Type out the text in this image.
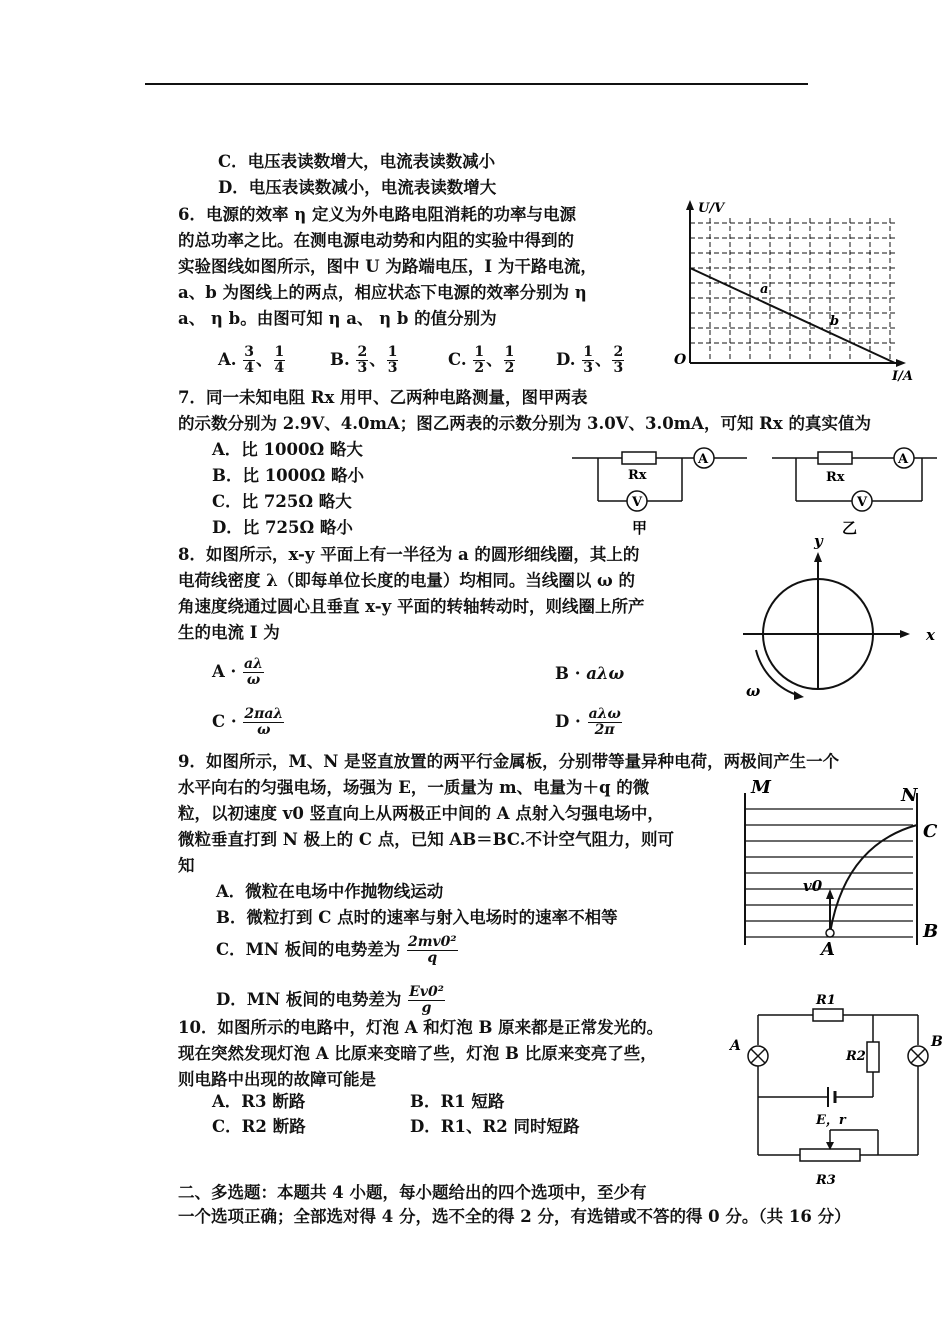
C．电压表读数增大，电流表读数减小
D．电压表读数减小，电流表读数增大
6．电源的效率 η 定义为外电路电阻消耗的功率与电源
的总功率之比。在测电源电动势和内阻的实验中得到的
实验图线如图所示，图中 U 为路端电压，I 为干路电流，
a、b 为图线上的两点，相应状态下电源的效率分别为 η
a、 η b。由图可知 η a、 η b 的值分别为
A. $\frac{3}{4}$ 、 $\frac{1}{4}$	B. $\frac{2}{3}$ 、 $\frac{1}{3}$	C. $\frac{1}{2}$ 、 $\frac{1}{2} D$. $\frac{1}{3}$ 、 $\frac{2}{3}$
U/V
I/A
O
a
b
7．同一未知电阻 Rx 用甲、乙两种电路测量，图甲两表
的示数分别为 2.9V、4.0mA；图乙两表的示数分别为 3.0V、3.0mA，可知 Rx 的真实值为
A．比 1000Ω 略大
B．比 1000Ω 略小
C．比 725Ω 略大
D．比 725Ω 略小
A
V
Rx
甲
A
V
Rx
乙
8．如图所示，x-y 平面上有一半径为 a 的圆形细线圈，其上的
电荷线密度 λ（即每单位长度的电量）均相同。当线圈以 ω 的
角速度绕通过圆心且垂直 x-y 平面的转轴转动时，则线圈上所产
生的电流 I 为
$A \cdot \frac{a\lambda}{\omega}$	B · aλω
$C \cdot \frac{\text{2πaλ}}{\omega}$	$D \cdot \frac{\text{aλω}}{2\pi}$
y
x
ω
9．如图所示，M、N 是竖直放置的两平行金属板，分别带等量异种电荷，两极间产生一个
水平向右的匀强电场，场强为 E，一质量为 m、电量为＋q 的微
粒，以初速度 v0 竖直向上从两极正中间的 A 点射入匀强电场中，
微粒垂直打到 N 极上的 C 点，已知 AB＝BC.不计空气阻力，则可
知
A．微粒在电场中作抛物线运动
B．微粒打到 C 点时的速率与射入电场时的速率不相等
C．MN 板间的电势差为 $\frac{\text{2mv0²}}{q}$
D．MN 板间的电势差为 $\frac{\text{Ev0²}}{g}$
M	N
C
B
A
v0
10．如图所示的电路中，灯泡 A 和灯泡 B 原来都是正常发光的。
现在突然发现灯泡 A 比原来变暗了些，灯泡 B 比原来变亮了些，
则电路中出现的故障可能是
A．R3 断路	B．R1 短路
C．R2 断路	D．R1、R2 同时短路
R1
R2
R3
A	B
E，r
二、多选题：本题共 4 小题，每小题给出的四个选项中，至少有
一个选项正确；全部选对得 4 分，选不全的得 2 分，有选错或不答的得 0 分。（共 16 分）
